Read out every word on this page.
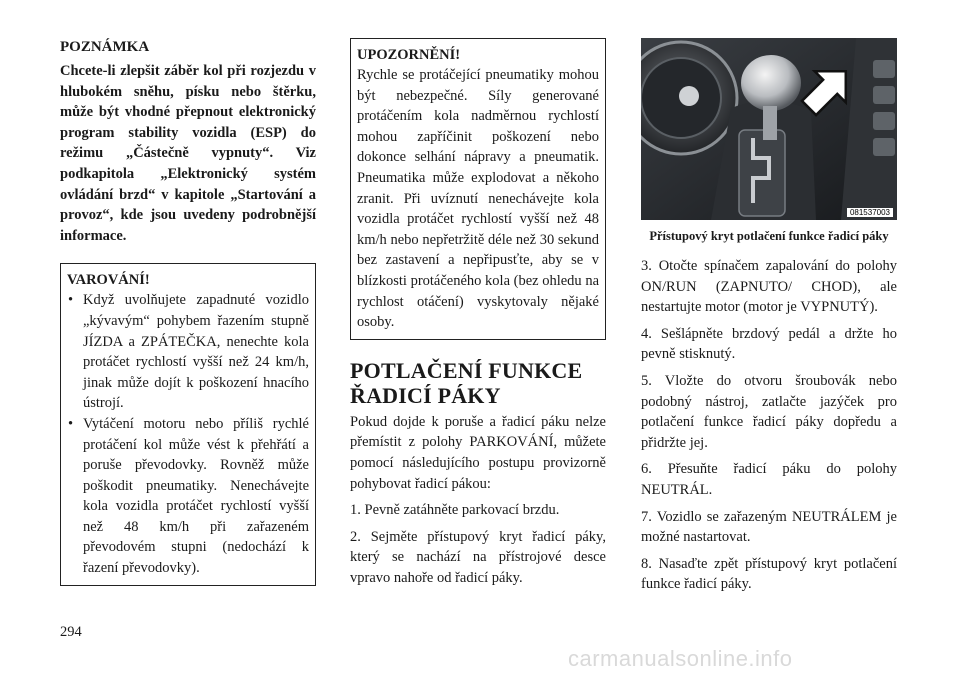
POZNÁMKA
Chcete-li zlepšit záběr kol při rozjezdu v hlubokém sněhu, písku nebo štěrku, může být vhodné přepnout elektronický program stability vozidla (ESP) do režimu „Částečně vypnuty“. Viz podkapitola „Elektronický systém ovládání brzd“ v kapitole „Startování a provoz“, kde jsou uvedeny podrobnější informace.
VAROVÁNÍ!
• Když uvolňujete zapadnuté vozidlo „kývavým“ pohybem řazením stupně JÍZDA a ZPÁTEČKA, nenechte kola protáčet rychlostí vyšší než 24 km/h, jinak může dojít k poškození hnacího ústrojí.
• Vytáčení motoru nebo příliš rychlé protáčení kol může vést k přehřátí a poruše převodovky. Rovněž může poškodit pneumatiky. Nenechávejte kola vozidla protáčet rychlostí vyšší než 48 km/h při zařazeném převodovém stupni (nedochází k řazení převodovky).
UPOZORNĚNÍ!
Rychle se protáčející pneumatiky mohou být nebezpečné. Síly generované protáčením kola nadměrnou rychlostí mohou zapříčinit poškození nebo dokonce selhání nápravy a pneumatik. Pneumatika může explodovat a někoho zranit. Při uvíznutí nenechávejte kola vozidla protáčet rychlostí vyšší než 48 km/h nebo nepřetržitě déle než 30 sekund bez zastavení a nepřipusťte, aby se v blízkosti protáčeného kola (bez ohledu na rychlost otáčení) vyskytovaly nějaké osoby.
POTLAČENÍ FUNKCE
ŘADICÍ PÁKY
Pokud dojde k poruše a řadicí páku nelze přemístit z polohy PARKOVÁNÍ, můžete pomocí následujícího postupu provizorně pohybovat řadicí pákou:
1. Pevně zatáhněte parkovací brzdu.
2. Sejměte přístupový kryt řadicí páky, který se nachází na přístrojové desce vpravo nahoře od řadicí páky.
081537003
Přístupový kryt potlačení funkce řadicí páky
3. Otočte spínačem zapalování do polohy ON/RUN (ZAPNUTO/ CHOD), ale nestartujte motor (motor je VYPNUTÝ).
4. Sešlápněte brzdový pedál a držte ho pevně stisknutý.
5. Vložte do otvoru šroubovák nebo podobný nástroj, zatlačte jazýček pro potlačení funkce řadicí páky dopředu a přidržte jej.
6. Přesuňte řadicí páku do polohy NEUTRÁL.
7. Vozidlo se zařazeným NEUTRÁLEM je možné nastartovat.
8. Nasaďte zpět přístupový kryt potlačení funkce řadicí páky.
294
carmanualsonline.info
